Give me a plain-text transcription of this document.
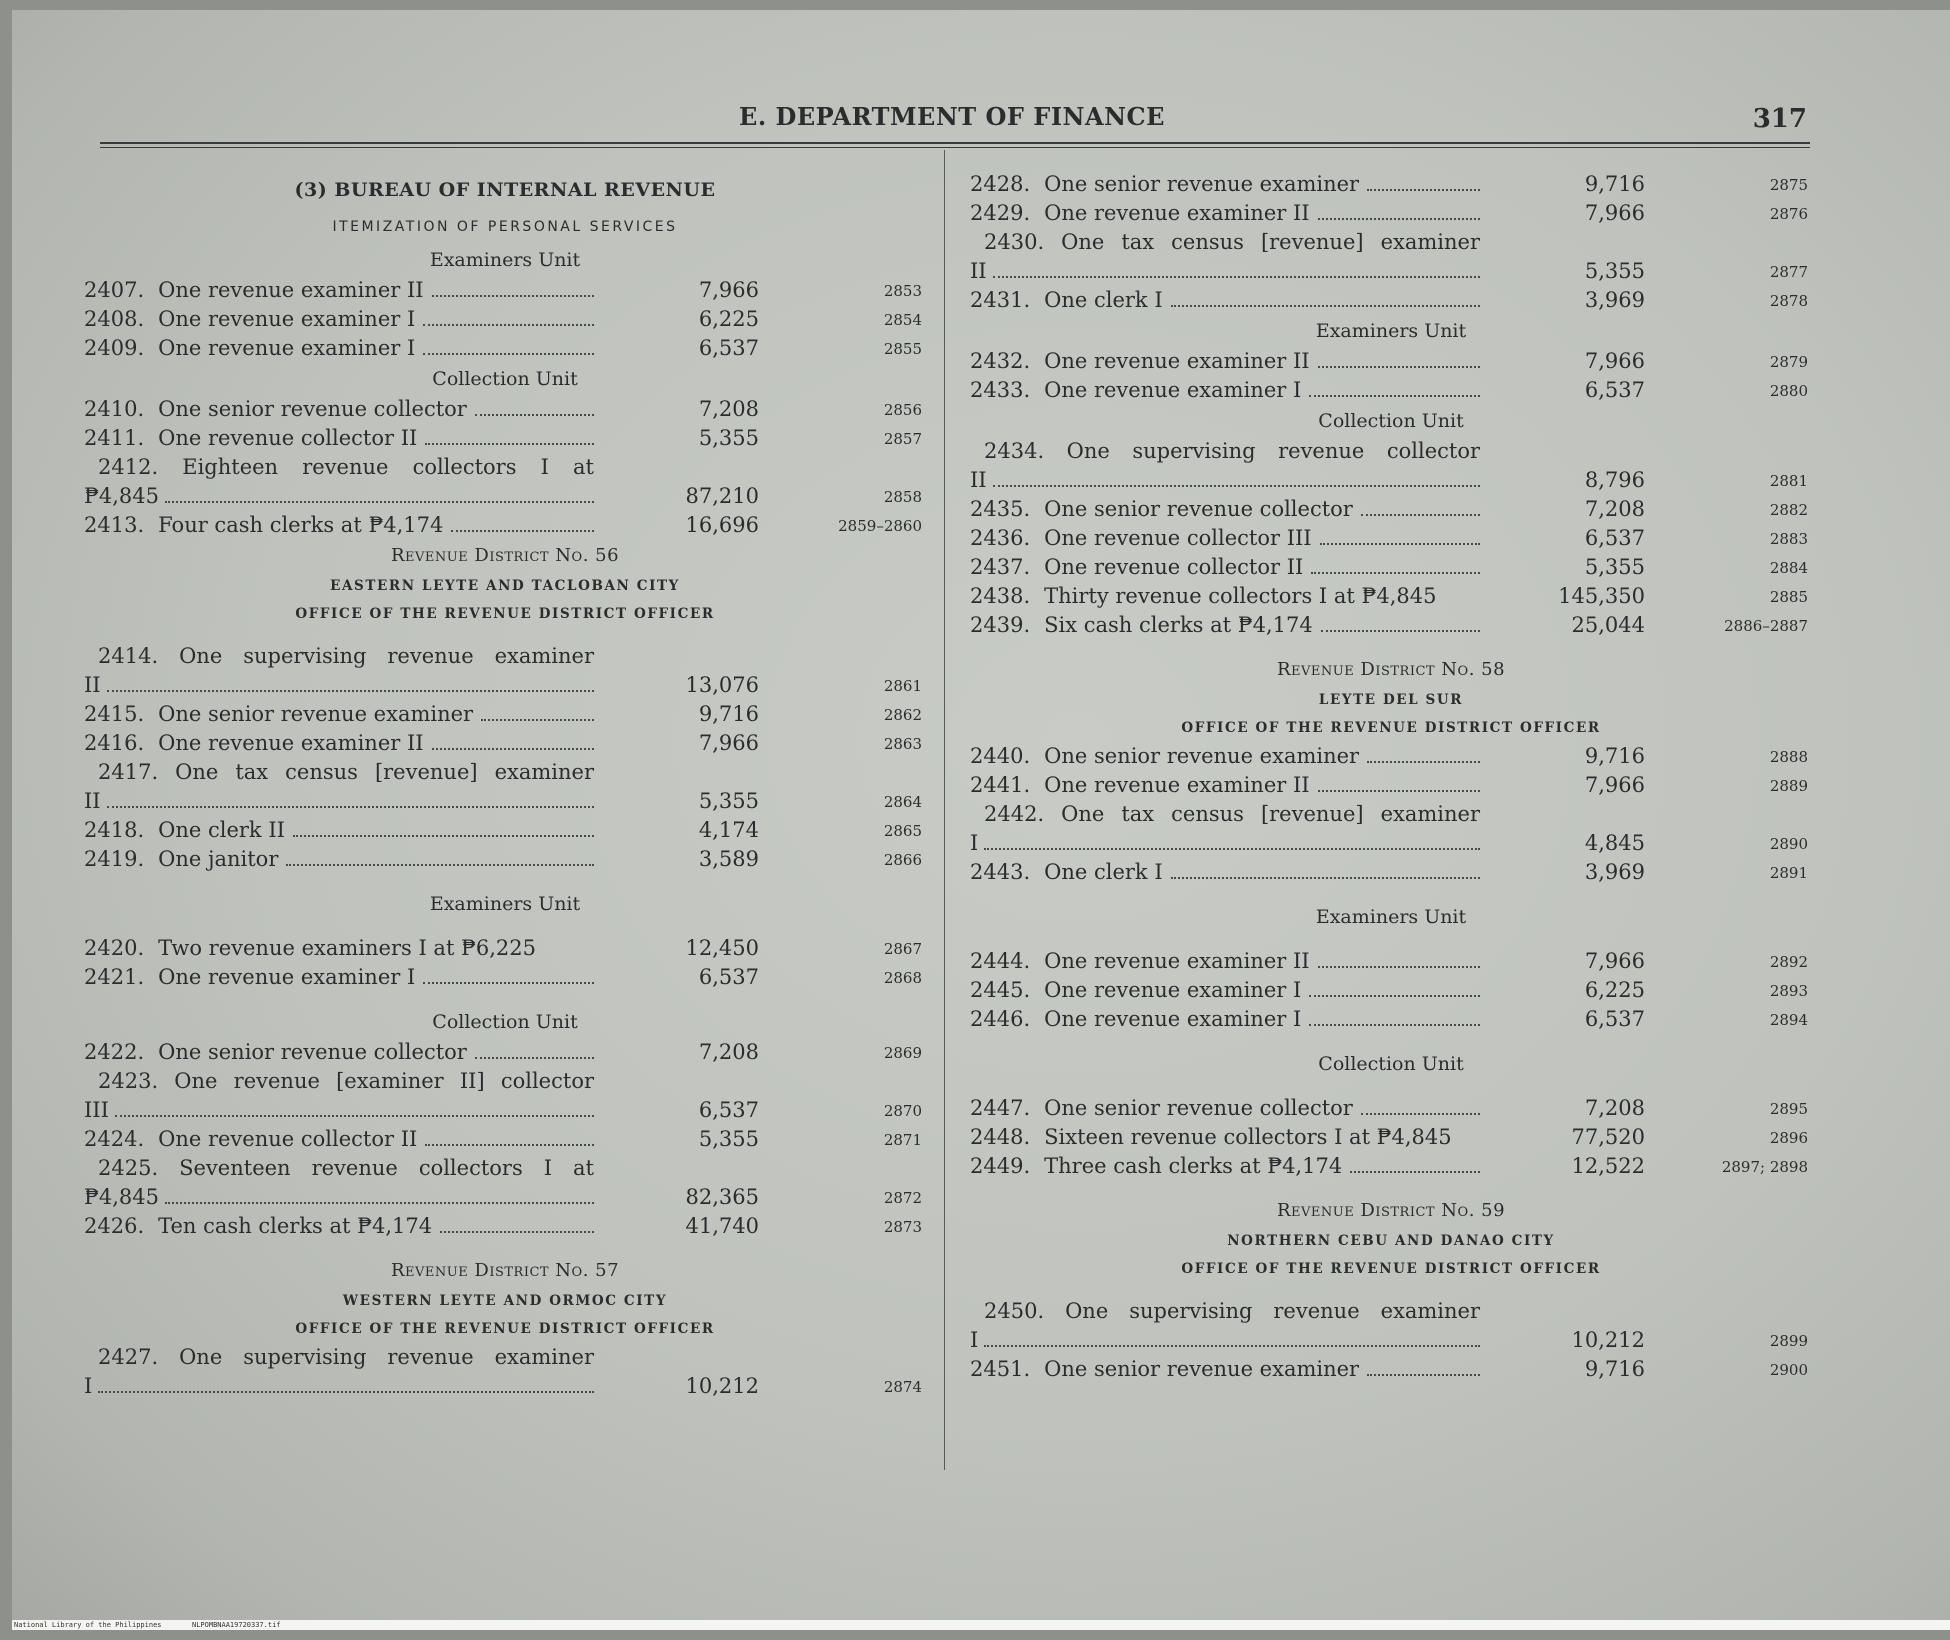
E. DEPARTMENT OF FINANCE	317
(3) BUREAU OF INTERNAL REVENUE
ITEMIZATION OF PERSONAL SERVICES
Examiners Unit
2407. One revenue examiner II	7,966	2853
2408. One revenue examiner I	6,225	2854
2409. One revenue examiner I	6,537	2855
Collection Unit
2410. One senior revenue collector	7,208	2856
2411. One revenue collector II	5,355	2857
2412. Eighteen revenue collectors I at
₱4,845	87,210	2858
2413. Four cash clerks at ₱4,174	16,696	2859–2860
Revenue District No. 56
EASTERN LEYTE AND TACLOBAN CITY
OFFICE OF THE REVENUE DISTRICT OFFICER
2414. One supervising revenue examiner
II	13,076	2861
2415. One senior revenue examiner	9,716	2862
2416. One revenue examiner II	7,966	2863
2417. One tax census [revenue] examiner
II	5,355	2864
2418. One clerk II	4,174	2865
2419. One janitor	3,589	2866
Examiners Unit
2420. Two revenue examiners I at ₱6,225	12,450	2867
2421. One revenue examiner I	6,537	2868
Collection Unit
2422. One senior revenue collector	7,208	2869
2423. One revenue [examiner II] collector
III	6,537	2870
2424. One revenue collector II	5,355	2871
2425. Seventeen revenue collectors I at
₱4,845	82,365	2872
2426. Ten cash clerks at ₱4,174	41,740	2873
Revenue District No. 57
WESTERN LEYTE AND ORMOC CITY
OFFICE OF THE REVENUE DISTRICT OFFICER
2427. One supervising revenue examiner
I	10,212	2874
2428. One senior revenue examiner	9,716	2875
2429. One revenue examiner II	7,966	2876
2430. One tax census [revenue] examiner
II	5,355	2877
2431. One clerk I	3,969	2878
Examiners Unit
2432. One revenue examiner II	7,966	2879
2433. One revenue examiner I	6,537	2880
Collection Unit
2434. One supervising revenue collector
II	8,796	2881
2435. One senior revenue collector	7,208	2882
2436. One revenue collector III	6,537	2883
2437. One revenue collector II	5,355	2884
2438. Thirty revenue collectors I at ₱4,845	145,350	2885
2439. Six cash clerks at ₱4,174	25,044	2886–2887
Revenue District No. 58
LEYTE DEL SUR
OFFICE OF THE REVENUE DISTRICT OFFICER
2440. One senior revenue examiner	9,716	2888
2441. One revenue examiner II	7,966	2889
2442. One tax census [revenue] examiner
I	4,845	2890
2443. One clerk I	3,969	2891
Examiners Unit
2444. One revenue examiner II	7,966	2892
2445. One revenue examiner I	6,225	2893
2446. One revenue examiner I	6,537	2894
Collection Unit
2447. One senior revenue collector	7,208	2895
2448. Sixteen revenue collectors I at ₱4,845	77,520	2896
2449. Three cash clerks at ₱4,174	12,522	2897; 2898
Revenue District No. 59
NORTHERN CEBU AND DANAO CITY
OFFICE OF THE REVENUE DISTRICT OFFICER
2450. One supervising revenue examiner
I	10,212	2899
2451. One senior revenue examiner	9,716	2900
National Library of the Philippines	NLPOMBNAA19720337.tif
